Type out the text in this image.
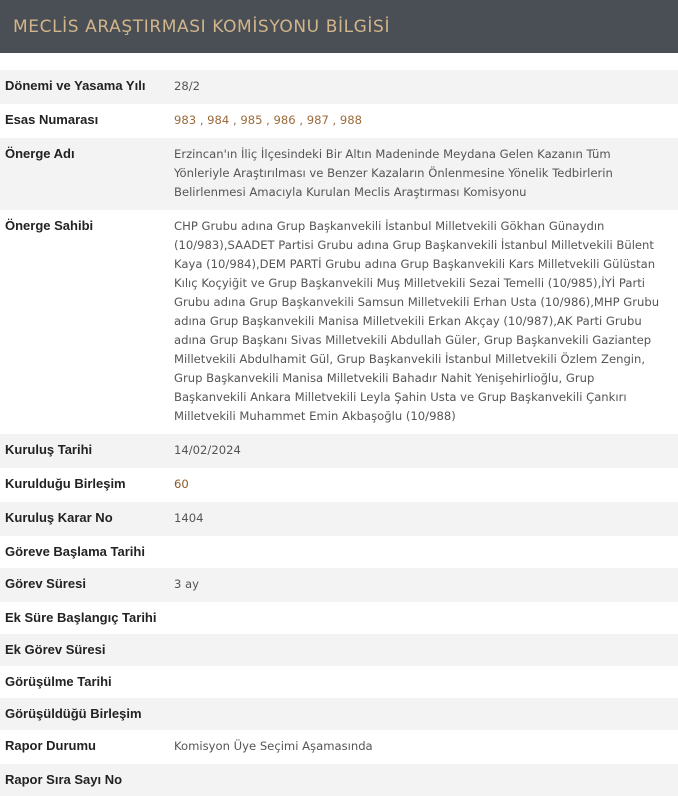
MECLİS ARAŞTIRMASI KOMİSYONU BİLGİSİ
Dönemi ve Yasama Yılı	28/2
Esas Numarası	983 , 984 , 985 , 986 , 987 , 988
Önerge Adı	Erzincan'ın İliç İlçesindeki Bir Altın Madeninde Meydana Gelen Kazanın Tüm Yönleriyle Araştırılması ve Benzer Kazaların Önlenmesine Yönelik Tedbirlerin Belirlenmesi Amacıyla Kurulan Meclis Araştırması Komisyonu
Önerge Sahibi	CHP Grubu adına Grup Başkanvekili İstanbul Milletvekili Gökhan Günaydın (10/983),SAADET Partisi Grubu adına Grup Başkanvekili İstanbul Milletvekili Bülent Kaya (10/984),DEM PARTİ Grubu adına Grup Başkanvekili Kars Milletvekili Gülüstan Kılıç Koçyiğit ve Grup Başkanvekili Muş Milletvekili Sezai Temelli (10/985),İYİ Parti Grubu adına Grup Başkanvekili Samsun Milletvekili Erhan Usta (10/986),MHP Grubu adına Grup Başkanvekili Manisa Milletvekili Erkan Akçay (10/987),AK Parti Grubu adına Grup Başkanı Sivas Milletvekili Abdullah Güler, Grup Başkanvekili Gaziantep Milletvekili Abdulhamit Gül, Grup Başkanvekili İstanbul Milletvekili Özlem Zengin, Grup Başkanvekili Manisa Milletvekili Bahadır Nahit Yenişehirlioğlu, Grup Başkanvekili Ankara Milletvekili Leyla Şahin Usta ve Grup Başkanvekili Çankırı Milletvekili Muhammet Emin Akbaşoğlu (10/988)
Kuruluş Tarihi	14/02/2024
Kurulduğu Birleşim	60
Kuruluş Karar No	1404
Göreve Başlama Tarihi
Görev Süresi	3 ay
Ek Süre Başlangıç Tarihi
Ek Görev Süresi
Görüşülme Tarihi
Görüşüldüğü Birleşim
Rapor Durumu	Komisyon Üye Seçimi Aşamasında
Rapor Sıra Sayı No
